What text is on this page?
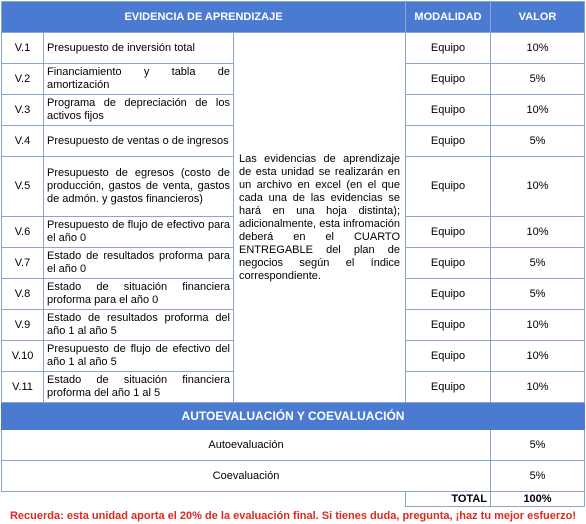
EVIDENCIA DE APRENDIZAJE			MODALIDAD	VALOR
V.1	Presupuesto de inversión total	Las evidencias de aprendizaje de esta unidad se realizarán en un archivo en excel (en el que cada una de las evidencias se hará en una hoja distinta); adicionalmente, esta infromación deberá en el CUARTO ENTREGABLE del plan de negocios según el índice correspondiente.	Equipo	10%
V.2	Financiamiento y tabla de amortización		Equipo	5%
V.3	Programa de depreciación de los activos fijos		Equipo	10%
V.4	Presupuesto de ventas o de ingresos		Equipo	5%
V.5	Presupuesto de egresos (costo de producción, gastos de venta, gastos de admón. y gastos financieros)		Equipo	10%
V.6	Presupuesto de flujo de efectivo para el año 0		Equipo	10%
V.7	Estado de resultados proforma para el año 0		Equipo	5%
V.8	Estado de situación financiera proforma para el año 0		Equipo	5%
V.9	Estado de resultados proforma del año 1 al año 5		Equipo	10%
V.10	Presupuesto de flujo de efectivo del año 1 al año 5		Equipo	10%
V.11	Estado de situación financiera proforma del año 1 al 5		Equipo	10%
AUTOEVALUACIÓN Y COEVALUACIÓN				
Autoevaluación				5%
Coevaluación				5%
			TOTAL	100%
Recuerda: esta unidad aporta el 20% de la evaluación final. Si tienes duda, pregunta, ¡haz tu mejor esfuerzo!
